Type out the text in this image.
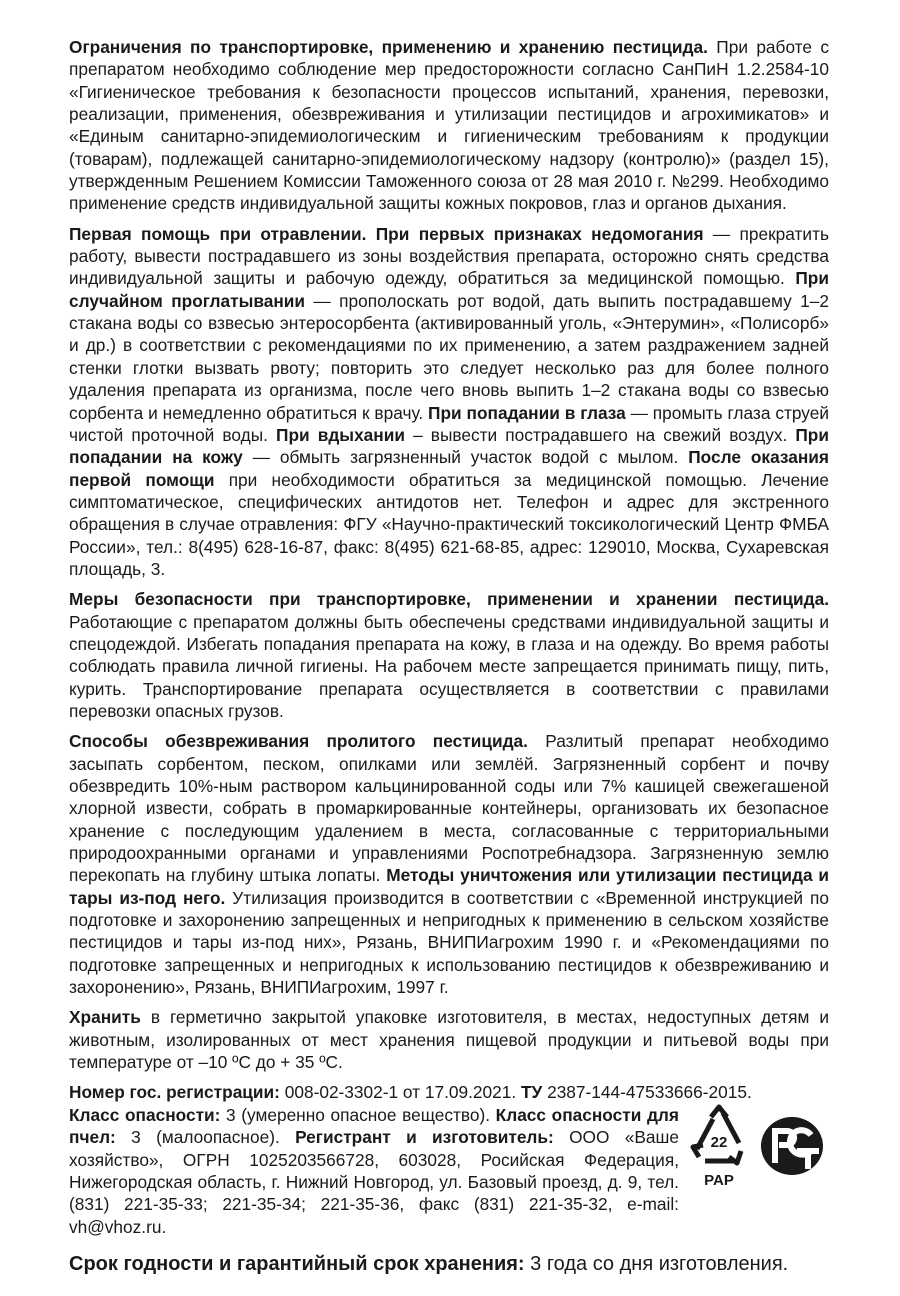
Ограничения по транспортировке, применению и хранению пестицида. При работе с препаратом необходимо соблюдение мер предосторожности согласно СанПиН 1.2.2584-10 «Гигиеническое требования к безопасности процессов испытаний, хранения, перевозки, реализации, применения, обезвреживания и утилизации пестицидов и агрохимикатов» и «Единым санитарно-эпидемиологическим и гигиеническим требованиям к продукции (товарам), подлежащей санитарно-эпидемиологическому надзору (контролю)» (раздел 15), утвержденным Решением Комиссии Таможенного союза от 28 мая 2010 г. №299. Необходимо применение средств индивидуальной защиты кожных покровов, глаз и органов дыхания.

Первая помощь при отравлении. При первых признаках недомогания — прекратить работу, вывести пострадавшего из зоны воздействия препарата, осторожно снять средства индивидуальной защиты и рабочую одежду, обратиться за медицинской помощью. При случайном проглатывании — прополоскать рот водой, дать выпить пострадавшему 1–2 стакана воды со взвесью энтеросорбента (активированный уголь, «Энтерумин», «Полисорб» и др.) в соответствии с рекомендациями по их применению, а затем раздражением задней стенки глотки вызвать рвоту; повторить это следует несколько раз для более полного удаления препарата из организма, после чего вновь выпить 1–2 стакана воды со взвесью сорбента и немедленно обратиться к врачу. При попадании в глаза — промыть глаза струей чистой проточной воды. При вдыхании – вывести пострадавшего на свежий воздух. При попадании на кожу — обмыть загрязненный участок водой с мылом. После оказания первой помощи при необходимости обратиться за медицинской помощью. Лечение симптоматическое, специфических антидотов нет. Телефон и адрес для экстренного обращения в случае отравления: ФГУ «Научно-практический токсикологический Центр ФМБА России», тел.: 8(495) 628-16-87, факс: 8(495) 621-68-85, адрес: 129010, Москва, Сухаревская площадь, 3.

Меры безопасности при транспортировке, применении и хранении пестицида. Работающие с препаратом должны быть обеспечены средствами индивидуальной защиты и спецодеждой. Избегать попадания препарата на кожу, в глаза и на одежду. Во время работы соблюдать правила личной гигиены. На рабочем месте запрещается принимать пищу, пить, курить. Транспортирование препарата осуществляется в соответствии с правилами перевозки опасных грузов.

Способы обезвреживания пролитого пестицида. Разлитый препарат необходимо засыпать сорбентом, песком, опилками или землёй. Загрязненный сорбент и почву обезвредить 10%-ным раствором кальцинированной соды или 7% кашицей свежегашеной хлорной извести, собрать в промаркированные контейнеры, организовать их безопасное хранение с последующим удалением в места, согласованные с территориальными природоохранными органами и управлениями Роспотребнадзора. Загрязненную землю перекопать на глубину штыка лопаты. Методы уничтожения или утилизации пестицида и тары из-под него. Утилизация производится в соответствии с «Временной инструкцией по подготовке и захоронению запрещенных и непригодных к применению в сельском хозяйстве пестицидов и тары из-под них», Рязань, ВНИПИагрохим 1990 г. и «Рекомендациями по подготовке запрещенных и непригодных к использованию пестицидов к обезвреживанию и захоронению», Рязань, ВНИПИагрохим, 1997 г.

Хранить в герметично закрытой упаковке изготовителя, в местах, недоступных детям и животным, изолированных от мест хранения пищевой продукции и питьевой воды при температуре от –10 ºС до + 35 ºС.

Номер гос. регистрации: 008-02-3302-1 от 17.09.2021. ТУ 2387-144-47533666-2015.

Класс опасности: 3 (умеренно опасное вещество). Класс опасности для пчел: 3 (малоопасное). Регистрант и изготовитель: ООО «Ваше хозяйство», ОГРН 1025203566728, 603028, Росийская Федерация, Нижегородская область, г. Нижний Новгород, ул. Базовый проезд, д. 9, тел. (831) 221-35-33; 221-35-34; 221-35-36, факс (831) 221-35-32, e-mail: vh@vhoz.ru.

22
PAP

Срок годности и гарантийный срок хранения: 3 года со дня изготовления.
